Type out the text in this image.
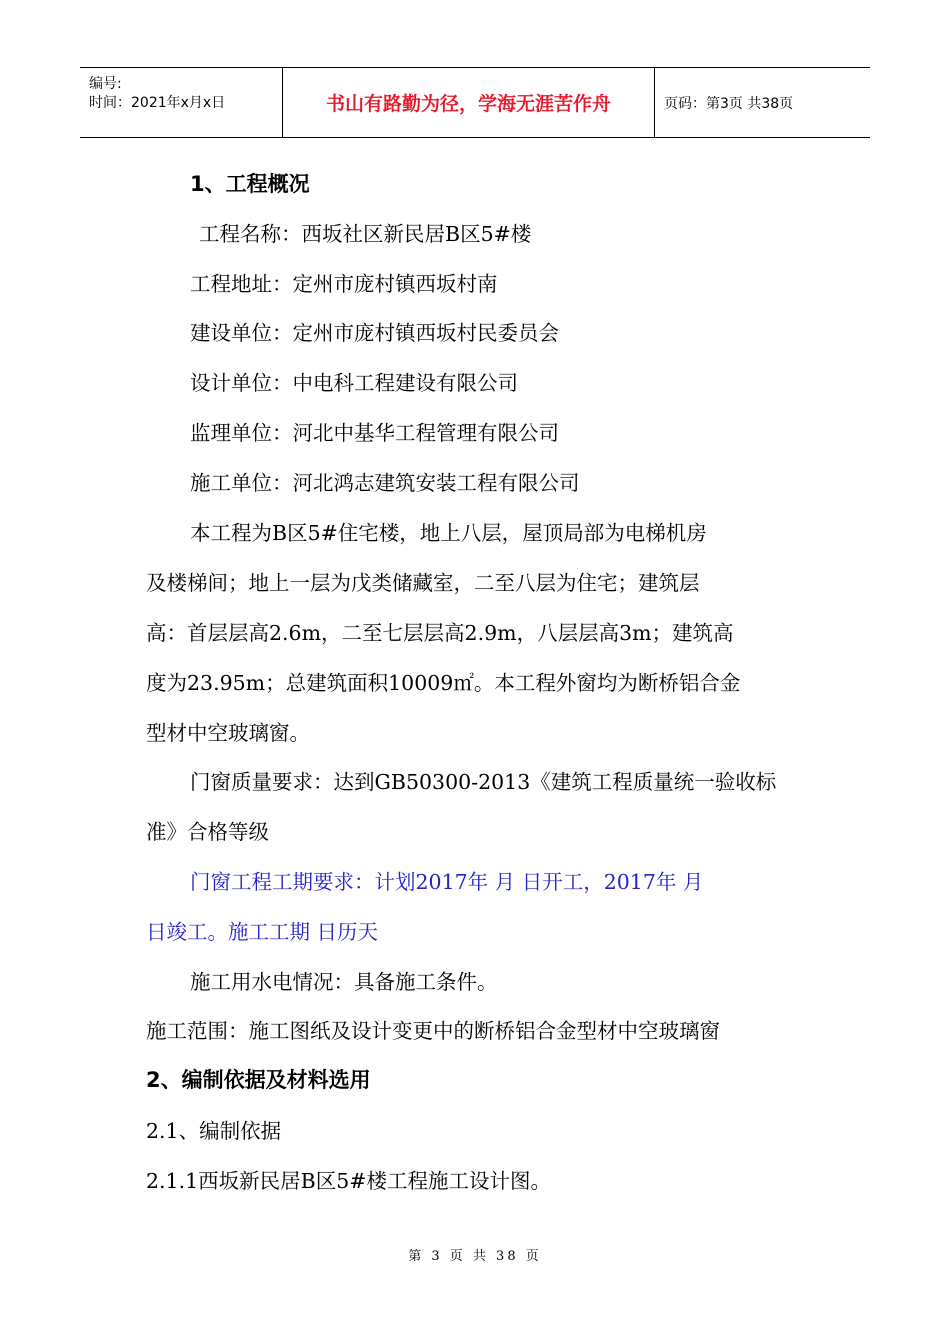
编号:
时间：2021年x月x日	书山有路勤为径，学海无涯苦作舟	页码：第3页 共38页
1、工程概况
工程名称：西坂社区新民居B区5#楼
工程地址：定州市庞村镇西坂村南
建设单位：定州市庞村镇西坂村民委员会
设计单位：中电科工程建设有限公司
监理单位：河北中基华工程管理有限公司
施工单位：河北鸿志建筑安装工程有限公司
本工程为B区5#住宅楼，地上八层，屋顶局部为电梯机房
及楼梯间；地上一层为戊类储藏室，二至八层为住宅；建筑层
高：首层层高2.6m，二至七层层高2.9m，八层层高3m；建筑高
度为23.95m；总建筑面积10009㎡。本工程外窗均为断桥铝合金
型材中空玻璃窗。
门窗质量要求：达到GB50300-2013《建筑工程质量统一验收标
准》合格等级
门窗工程工期要求：计划2017年 月 日开工，2017年 月
日竣工。施工工期 日历天
施工用水电情况：具备施工条件。
施工范围：施工图纸及设计变更中的断桥铝合金型材中空玻璃窗
2、编制依据及材料选用
2.1、编制依据
2.1.1西坂新民居B区5#楼工程施工设计图。
第 3 页 共 38 页
